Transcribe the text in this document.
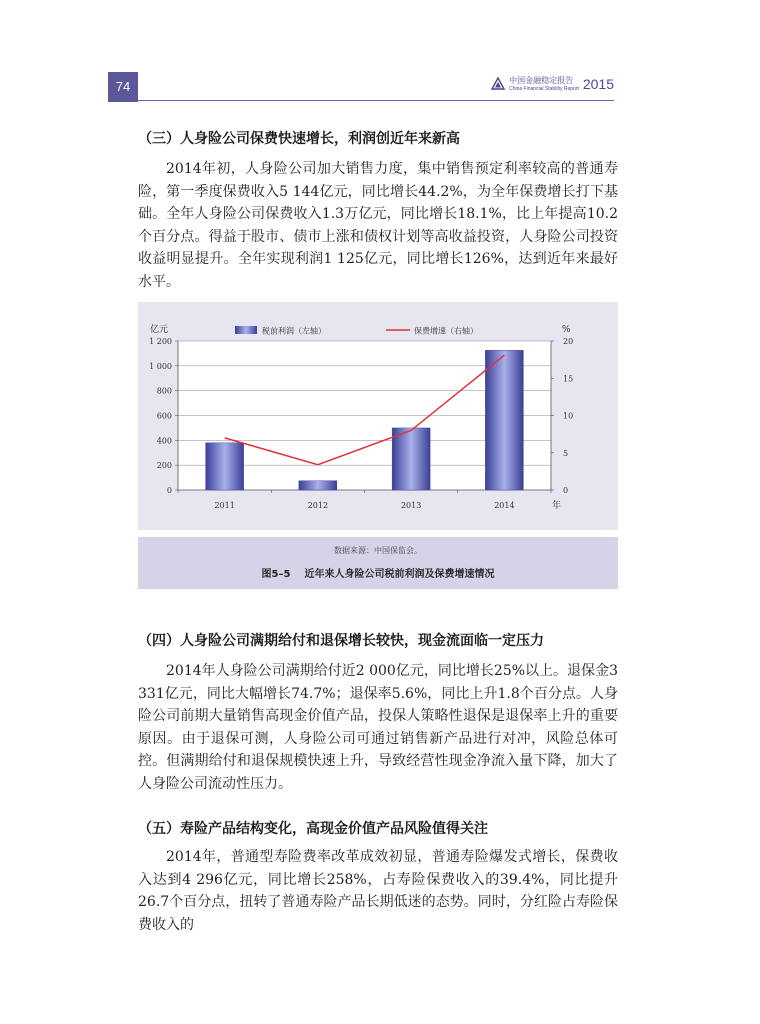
74	中国金融稳定报告
China Financial Stability Report 2015
（三）人身险公司保费快速增长，利润创近年来新高
2014年初，人身险公司加大销售力度，集中销售预定利率较高的普通寿险，第一季度保费收入5 144亿元，同比增长44.2%，为全年保费增长打下基础。全年人身险公司保费收入1.3万亿元，同比增长18.1%，比上年提高10.2个百分点。得益于股市、债市上涨和债权计划等高收益投资，人身险公司投资收益明显提升。全年实现利润1 125亿元，同比增长126%，达到近年来最好水平。
0
200
400
600
800
1 000
1 200
0
5
10
15
20
2011	2012	2013	2014
亿元	%
年
税前利润（左轴）	保费增速（右轴）
数据来源：中国保监会。
图5–5 近年来人身险公司税前利润及保费增速情况
（四）人身险公司满期给付和退保增长较快，现金流面临一定压力
2014年人身险公司满期给付近2 000亿元，同比增长25%以上。退保金3 331亿元，同比大幅增长74.7%；退保率5.6%，同比上升1.8个百分点。人身险公司前期大量销售高现金价值产品，投保人策略性退保是退保率上升的重要原因。由于退保可测，人身险公司可通过销售新产品进行对冲，风险总体可控。但满期给付和退保规模快速上升，导致经营性现金净流入量下降，加大了人身险公司流动性压力。
（五）寿险产品结构变化，高现金价值产品风险值得关注
2014年，普通型寿险费率改革成效初显，普通寿险爆发式增长，保费收入达到4 296亿元，同比增长258%，占寿险保费收入的39.4%，同比提升26.7个百分点，扭转了普通寿险产品长期低迷的态势。同时，分红险占寿险保费收入的
